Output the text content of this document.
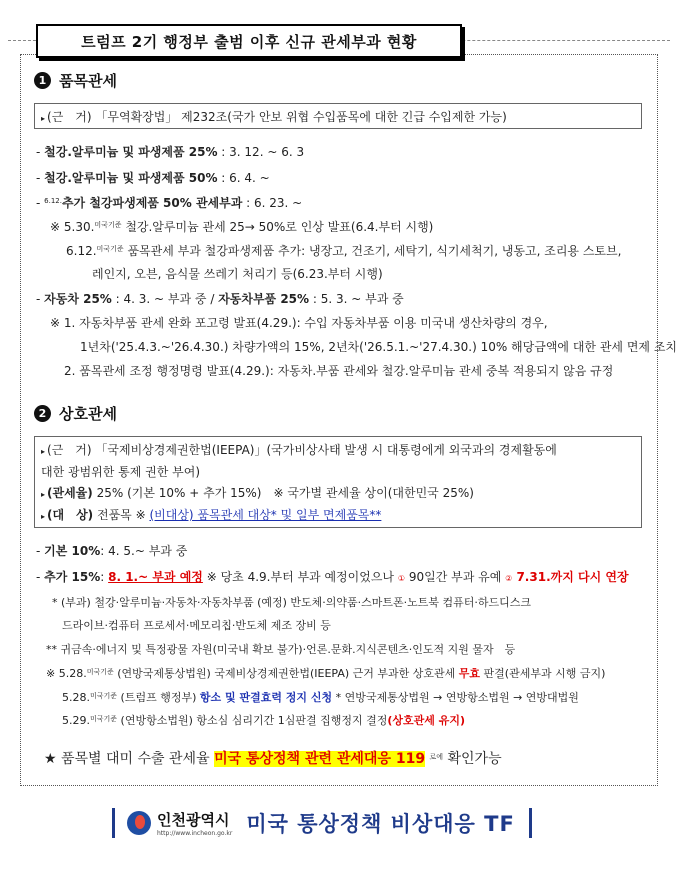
트럼프 2기 행정부 출범 이후 신규 관세부과 현황
1 품목관세
▸ (근　거) 「무역확장법」 제232조(국가 안보 위협 수입품목에 대한 긴급 수입제한 가능)
- 철강.알루미늄 및 파생제품 25% : 3. 12. ~ 6. 3
- 철강.알루미늄 및 파생제품 50% : 6. 4. ~
- $^{6.12.}$추가 철강파생제품 50% 관세부과 : 6. 23. ~
※ 5.30.$^{미국기준}$ 철강.알루미늄 관세 25→ 50%로 인상 발표(6.4.부터 시행)
6.12.$^{미국기준}$ 품목관세 부과 철강파생제품 추가: 냉장고, 건조기, 세탁기, 식기세척기, 냉동고, 조리용 스토브,
레인지, 오븐, 음식물 쓰레기 처리기 등(6.23.부터 시행)
- 자동차 25% : 4. 3. ~ 부과 중 / 자동차부품 25% : 5. 3. ~ 부과 중
※ 1. 자동차부품 관세 완화 포고령 발표(4.29.): 수입 자동차부품 이용 미국내 생산차량의 경우,
1년차('25.4.3.~'26.4.30.) 차량가액의 15%, 2년차('26.5.1.~'27.4.30.) 10% 해당금액에 대한 관세 면제 조치
2. 품목관세 조정 행정명령 발표(4.29.): 자동차.부품 관세와 철강.알루미늄 관세 중복 적용되지 않음 규정
2 상호관세
▸ (근　거) 「국제비상경제권한법(IEEPA)」(국가비상사태 발생 시 대통령에게 외국과의 경제활동에
대한 광범위한 통제 권한 부여)
▸ (관세율) 25% (기본 10% + 추가 15%)　※ 국가별 관세율 상이(대한민국 25%)
▸ (대　상) 전품목 ※ (비대상) 품목관세 대상* 및 일부 면제품목**
- 기본 10%: 4. 5.~ 부과 중
- 추가 15%: 8. 1.~ 부과 예정 ※ 당초 4.9.부터 부과 예정이었으나 ① 90일간 부과 유예 ② 7.31.까지 다시 연장
* (부과) 철강·알루미늄·자동차·자동차부품 (예정) 반도체·의약품·스마트폰·노트북 컴퓨터·하드디스크
드라이브·컴퓨터 프로세서·메모리칩·반도체 제조 장비 등
** 귀금속·에너지 및 특정광물 자원(미국내 확보 불가)·언론.문화.지식콘텐츠·인도적 지원 물자　등
※ 5.28.$^{미국기준}$ (연방국제통상법원) 국제비상경제권한법(IEEPA) 근거 부과한 상호관세 무효 판결(관세부과 시행 금지)
5.28.$^{미국기준}$ (트럼프 행정부) 항소 및 판결효력 정지 신청 * 연방국제통상법원 → 연방항소법원 → 연방대법원
5.29.$^{미국기준}$ (연방항소법원) 항소심 심리기간 1심판결 집행정지 결정(상호관세 유지)
★ 품목별 대미 수출 관세율 미국 통상정책 관련 관세대응 119 $^{로에}$ 확인가능
인천광역시
http://www.incheon.go.kr 미국 통상정책 비상대응 TF
